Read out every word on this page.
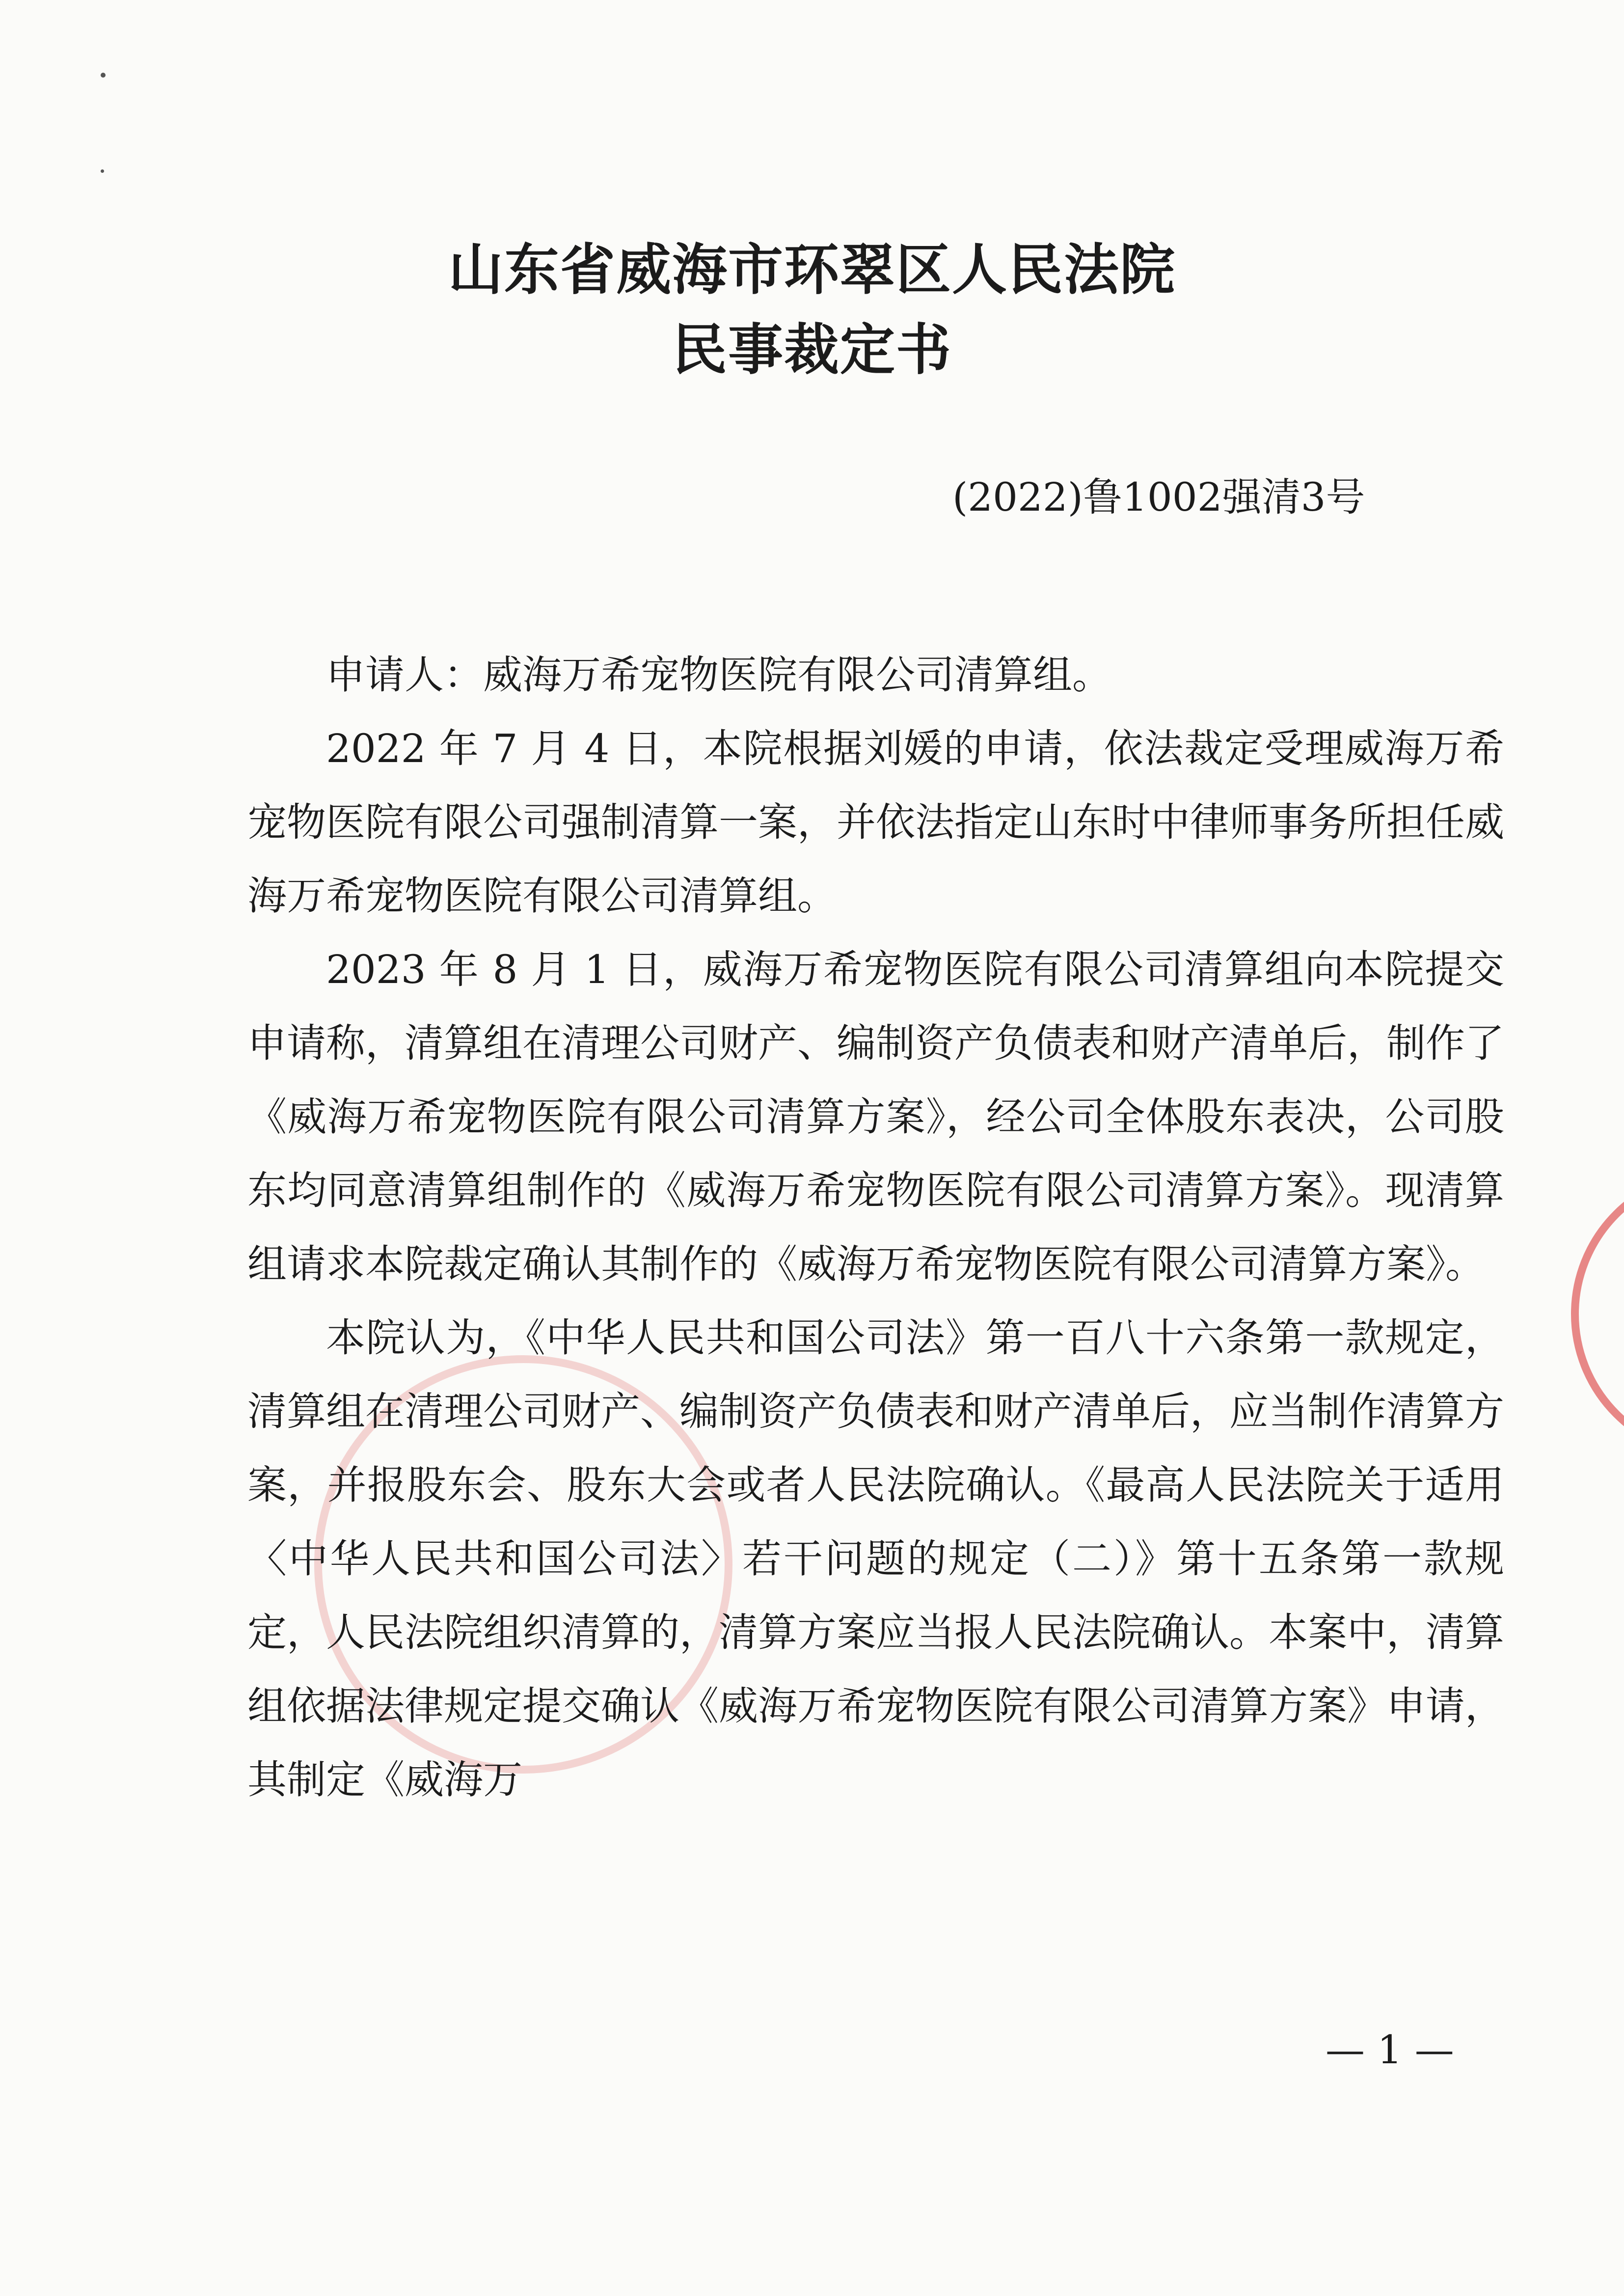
山东省威海市环翠区人民法院
民事裁定书
(2022)鲁1002强清3号

申请人：威海万希宠物医院有限公司清算组。

2022 年 7 月 4 日，本院根据刘媛的申请，依法裁定受理威海万希宠物医院有限公司强制清算一案，并依法指定山东时中律师事务所担任威海万希宠物医院有限公司清算组。

2023 年 8 月 1 日，威海万希宠物医院有限公司清算组向本院提交申请称，清算组在清理公司财产、编制资产负债表和财产清单后，制作了《威海万希宠物医院有限公司清算方案》，经公司全体股东表决，公司股东均同意清算组制作的《威海万希宠物医院有限公司清算方案》。现清算组请求本院裁定确认其制作的《威海万希宠物医院有限公司清算方案》。

本院认为，《中华人民共和国公司法》第一百八十六条第一款规定，清算组在清理公司财产、编制资产负债表和财产清单后，应当制作清算方案，并报股东会、股东大会或者人民法院确认。《最高人民法院关于适用〈中华人民共和国公司法〉若干问题的规定（二）》第十五条第一款规定，人民法院组织清算的，清算方案应当报人民法院确认。本案中，清算组依据法律规定提交确认《威海万希宠物医院有限公司清算方案》申请，其制定《威海万

— 1 —
